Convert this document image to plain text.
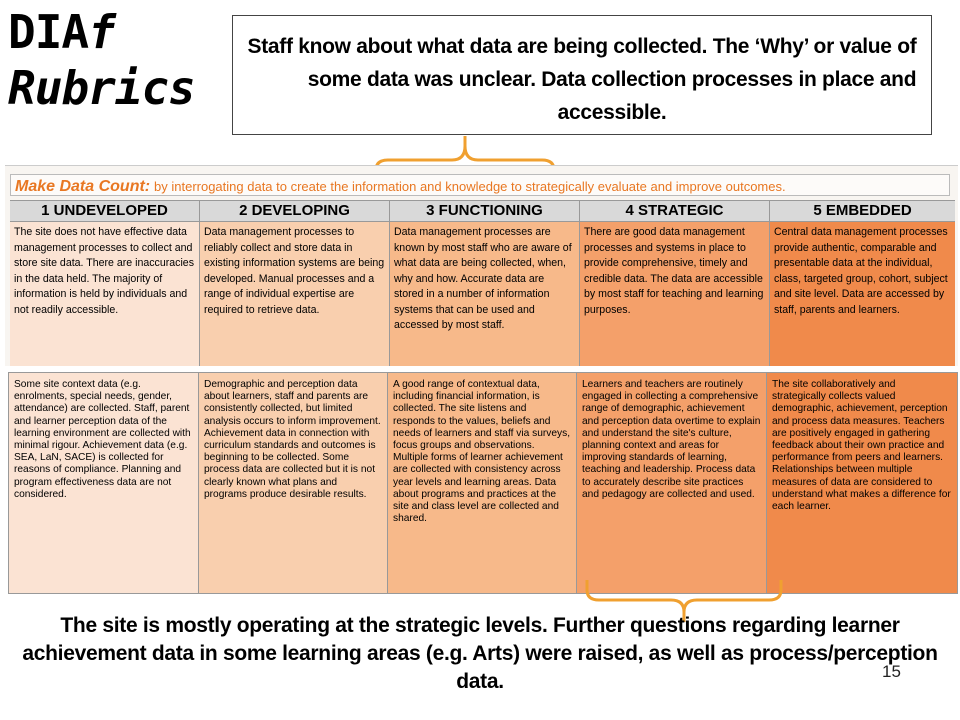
DIAf
Rubrics
Staff know about what data are being collected. The ‘Why’ or value of some data was unclear. Data collection processes in place and accessible.
Make Data Count: by interrogating data to create the information and knowledge to strategically evaluate and improve outcomes.
1 UNDEVELOPED
The site does not have effective data management processes to collect and store site data. There are inaccuracies in the data held. The majority of information is held by individuals and not readily accessible.
2 DEVELOPING
Data management processes to reliably collect and store data in existing information systems are being developed. Manual processes and a range of individual expertise are required to retrieve data.
3 FUNCTIONING
Data management processes are known by most staff who are aware of what data are being collected, when, why and how. Accurate data are stored in a number of information systems that can be used and accessed by most staff.
4 STRATEGIC
There are good data management processes and systems in place to provide comprehensive, timely and credible data. The data are accessible by most staff for teaching and learning purposes.
5 EMBEDDED
Central data management processes provide authentic, comparable and presentable data at the individual, class, targeted group, cohort, subject and site level. Data are accessed by staff, parents and learners.
Some site context data (e.g. enrolments, special needs, gender, attendance) are collected. Staff, parent and learner perception data of the learning environment are collected with minimal rigour. Achievement data (e.g. SEA, LaN, SACE) is collected for reasons of compliance. Planning and program effectiveness data are not considered.
Demographic and perception data about learners, staff and parents are consistently collected, but limited analysis occurs to inform improvement. Achievement data in connection with curriculum standards and outcomes is beginning to be collected. Some process data are collected but it is not clearly known what plans and programs produce desirable results.
A good range of contextual data, including financial information, is collected. The site listens and responds to the values, beliefs and needs of learners and staff via surveys, focus groups and observations. Multiple forms of learner achievement are collected with consistency across year levels and learning areas. Data about programs and practices at the site and class level are collected and shared.
Learners and teachers are routinely engaged in collecting a comprehensive range of demographic, achievement and perception data overtime to explain and understand the site's culture, planning context and areas for improving standards of learning, teaching and leadership. Process data to accurately describe site practices and pedagogy are collected and used.
The site collaboratively and strategically collects valued demographic, achievement, perception and process data measures. Teachers are positively engaged in gathering feedback about their own practice and performance from peers and learners. Relationships between multiple measures of data are considered to understand what makes a difference for each learner.
The site is mostly operating at the strategic levels. Further questions regarding learner achievement data in some learning areas (e.g. Arts) were raised, as well as process/perception data.	15
